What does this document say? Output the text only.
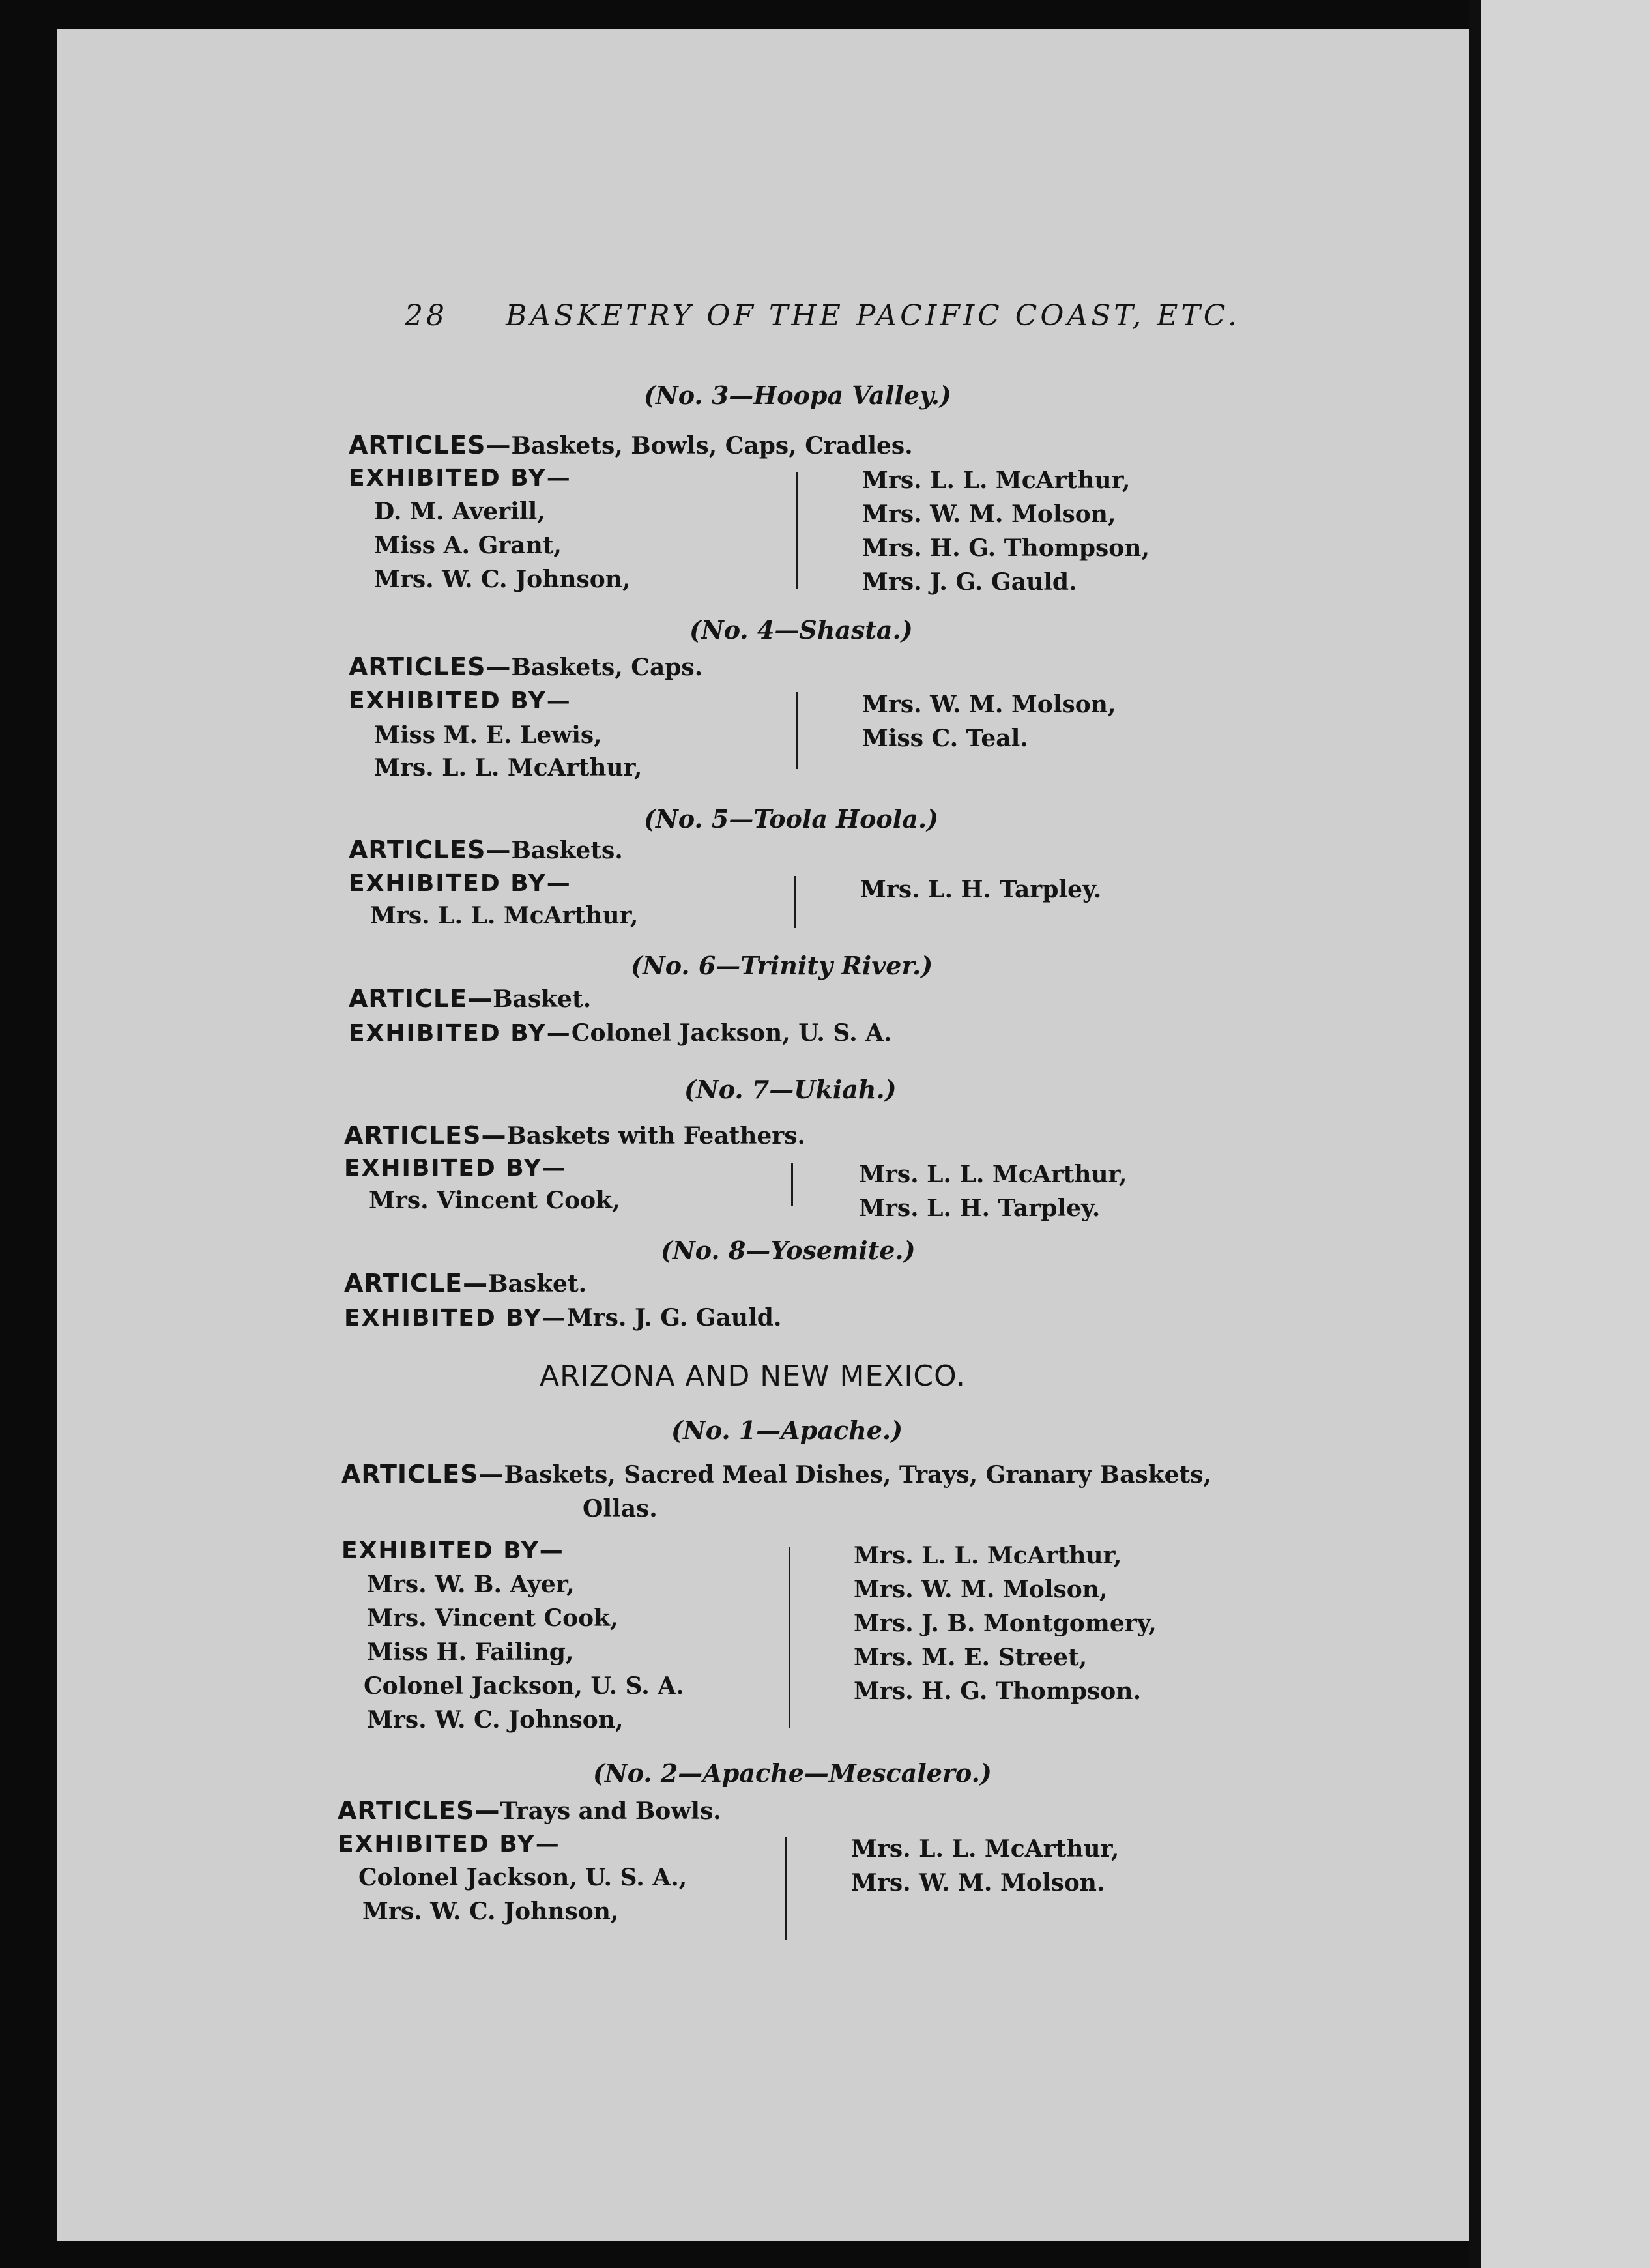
28 BASKETRY OF THE PACIFIC COAST, ETC.
(No. 3—Hoopa Valley.)
ARTICLES—Baskets, Bowls, Caps, Cradles.
EXHIBITED BY—
D. M. Averill,
Miss A. Grant,
Mrs. W. C. Johnson,
Mrs. L. L. McArthur,
Mrs. W. M. Molson,
Mrs. H. G. Thompson,
Mrs. J. G. Gauld.
(No. 4—Shasta.)
ARTICLES—Baskets, Caps.
EXHIBITED BY—
Miss M. E. Lewis,
Mrs. L. L. McArthur,
Mrs. W. M. Molson,
Miss C. Teal.
(No. 5—Toola Hoola.)
ARTICLES—Baskets.
EXHIBITED BY—
Mrs. L. L. McArthur,
Mrs. L. H. Tarpley.
(No. 6—Trinity River.)
ARTICLE—Basket.
EXHIBITED BY—Colonel Jackson, U. S. A.
(No. 7—Ukiah.)
ARTICLES—Baskets with Feathers.
EXHIBITED BY—
Mrs. Vincent Cook,
Mrs. L. L. McArthur,
Mrs. L. H. Tarpley.
(No. 8—Yosemite.)
ARTICLE—Basket.
EXHIBITED BY—Mrs. J. G. Gauld.
ARIZONA AND NEW MEXICO.
(No. 1—Apache.)
ARTICLES—Baskets, Sacred Meal Dishes, Trays, Granary Baskets,
Ollas.
EXHIBITED BY—
Mrs. W. B. Ayer,
Mrs. Vincent Cook,
Miss H. Failing,
Colonel Jackson, U. S. A.
Mrs. W. C. Johnson,
Mrs. L. L. McArthur,
Mrs. W. M. Molson,
Mrs. J. B. Montgomery,
Mrs. M. E. Street,
Mrs. H. G. Thompson.
(No. 2—Apache—Mescalero.)
ARTICLES—Trays and Bowls.
EXHIBITED BY—
Colonel Jackson, U. S. A.,
Mrs. W. C. Johnson,
Mrs. L. L. McArthur,
Mrs. W. M. Molson.
